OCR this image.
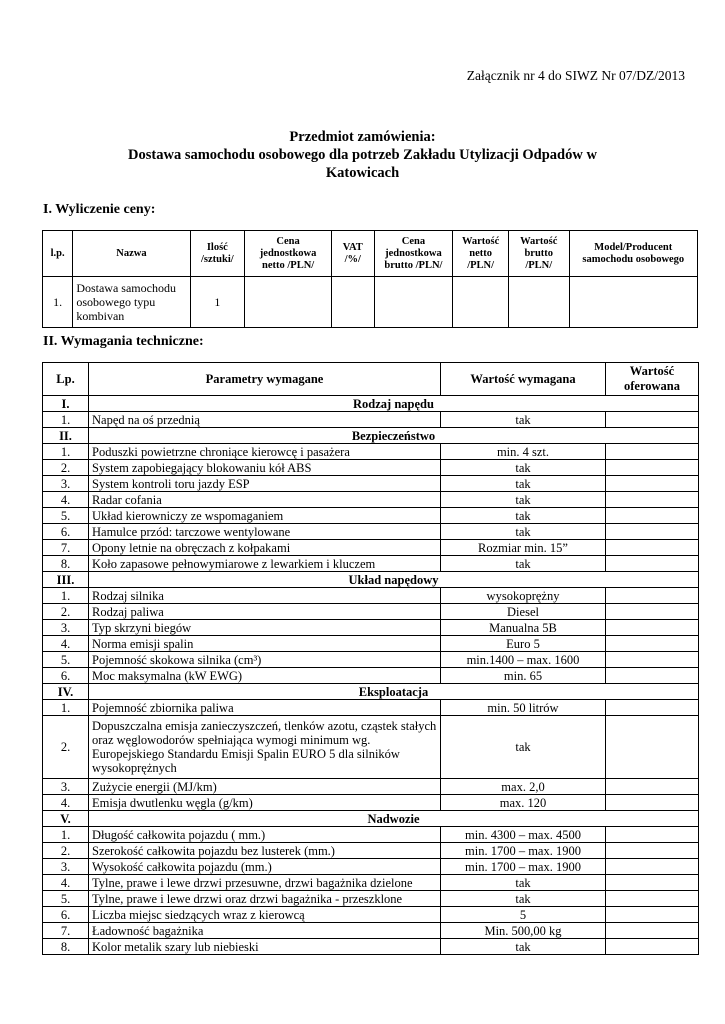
Załącznik nr 4 do SIWZ Nr 07/DZ/2013
Przedmiot zamówienia:
Dostawa samochodu osobowego dla potrzeb Zakładu Utylizacji Odpadów w
Katowicach
I. Wyliczenie ceny:
l.p.	Nazwa	Ilość /sztuki/	Cena jednostkowa netto /PLN/	VAT /%/	Cena jednostkowa brutto /PLN/	Wartość netto /PLN/	Wartość brutto /PLN/	Model/Producent samochodu osobowego
1.	Dostawa samochodu osobowego typu kombivan	1						
II. Wymagania techniczne:
Lp.	Parametry wymagane	Wartość wymagana	Wartość oferowana
I.	Rodzaj napędu		
1.	Napęd na oś przednią	tak	
II.	Bezpieczeństwo		
1.	Poduszki powietrzne chroniące kierowcę i pasażera	min. 4 szt.	
2.	System zapobiegający blokowaniu kół ABS	tak	
3.	System kontroli toru jazdy ESP	tak	
4.	Radar cofania	tak	
5.	Układ kierowniczy ze wspomaganiem	tak	
6.	Hamulce przód: tarczowe wentylowane	tak	
7.	Opony letnie na obręczach z kołpakami	Rozmiar min. 15”	
8.	Koło zapasowe pełnowymiarowe z lewarkiem i kluczem	tak	
III.	Układ napędowy		
1.	Rodzaj silnika	wysokoprężny	
2.	Rodzaj paliwa	Diesel	
3.	Typ skrzyni biegów	Manualna 5B	
4.	Norma emisji spalin	Euro 5	
5.	Pojemność skokowa silnika (cm³)	min.1400 – max. 1600	
6.	Moc maksymalna (kW EWG)	min. 65	
IV.	Eksploatacja		
1.	Pojemność zbiornika paliwa	min. 50 litrów	
2.	Dopuszczalna emisja zanieczyszczeń, tlenków azotu, cząstek stałych oraz węglowodorów spełniająca wymogi minimum wg. Europejskiego Standardu Emisji Spalin EURO 5 dla silników wysokoprężnych	tak	
3.	Zużycie energii (MJ/km)	max. 2,0	
4.	Emisja dwutlenku węgla (g/km)	max. 120	
V.	Nadwozie		
1.	Długość całkowita pojazdu ( mm.)	min. 4300 – max. 4500	
2.	Szerokość całkowita pojazdu bez lusterek (mm.)	min. 1700 – max. 1900	
3.	Wysokość całkowita pojazdu (mm.)	min. 1700 – max. 1900	
4.	Tylne, prawe i lewe drzwi przesuwne, drzwi bagażnika dzielone	tak	
5.	Tylne, prawe i lewe drzwi oraz drzwi bagażnika - przeszklone	tak	
6.	Liczba miejsc siedzących wraz z kierowcą	5	
7.	Ładowność bagażnika	Min. 500,00 kg	
8.	Kolor metalik szary lub niebieski	tak	
